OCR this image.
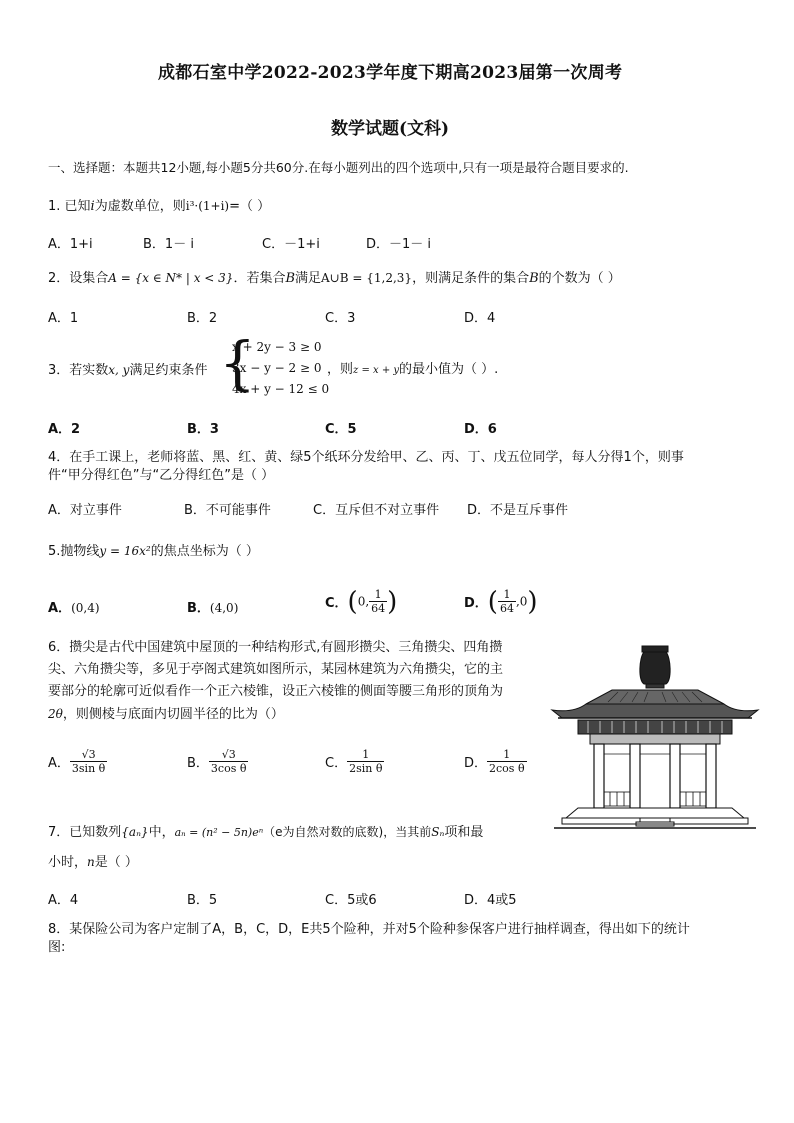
成都石室中学2022-2023学年度下期高2023届第一次周考
数学试题(文科)
一、选择题：本题共12小题,每小题5分共60分.在每小题列出的四个选项中,只有一项是最符合题目要求的.
1. 已知i为虚数单位，则i³·(1+i)=（ ）
A．1+i	B．1－ i	C．－1+i	D．－1－ i
2．设集合A = {x ∈ N* | x < 3}．若集合B满足A∪B = {1,2,3}，则满足条件的集合B的个数为（ ）
A．1	B．2	C．3	D．4
3．若实数x, y满足约束条件 {
x + 2y − 3 ≥ 0
3x − y − 2 ≥ 0
4x + y − 12 ≤ 0
，则z = x + y的最小值为（ ）.
A．2	B．3	C．5	D．6
4．在手工课上，老师将蓝、黑、红、黄、绿5个纸环分发给甲、乙、丙、丁、戊五位同学，每人分得1个，则事
件“甲分得红色”与“乙分得红色”是（ ）
A．对立事件	B．不可能事件	C．互斥但不对立事件 D．不是互斥事件
5.抛物线y = 16x²的焦点坐标为（ ）
A．(0,4)	B．(4,0)	C．(0, $\frac{1}{64}$ )	D．( $\frac{1}{64} ,0$)
6．攒尖是古代中国建筑中屋顶的一种结构形式,有圆形攒尖、三角攒尖、四角攒
尖、六角攒尖等，多见于亭阁式建筑如图所示，某园林建筑为六角攒尖，它的主
要部分的轮廓可近似看作一个正六棱锥，设正六棱锥的侧面等腰三角形的顶角为
2θ，则侧棱与底面内切圆半径的比为（）
A． $\frac{√3}{\text{3sin θ}}$	B． $\frac{√3}{\text{3cos θ}}$	C． $\frac{1}{\text{2sin θ}}$	D． $\frac{1}{\text{2cos θ}}$
7．已知数列{aₙ}中，aₙ = (n² − 5n)eⁿ（e为自然对数的底数)，当其前Sₙ项和最
小时，n是（ ）
A．4	B．5	C．5或6	D．4或5
8．某保险公司为客户定制了A，B，C，D，E共5个险种，并对5个险种参保客户进行抽样调查，得出如下的统计
图:
